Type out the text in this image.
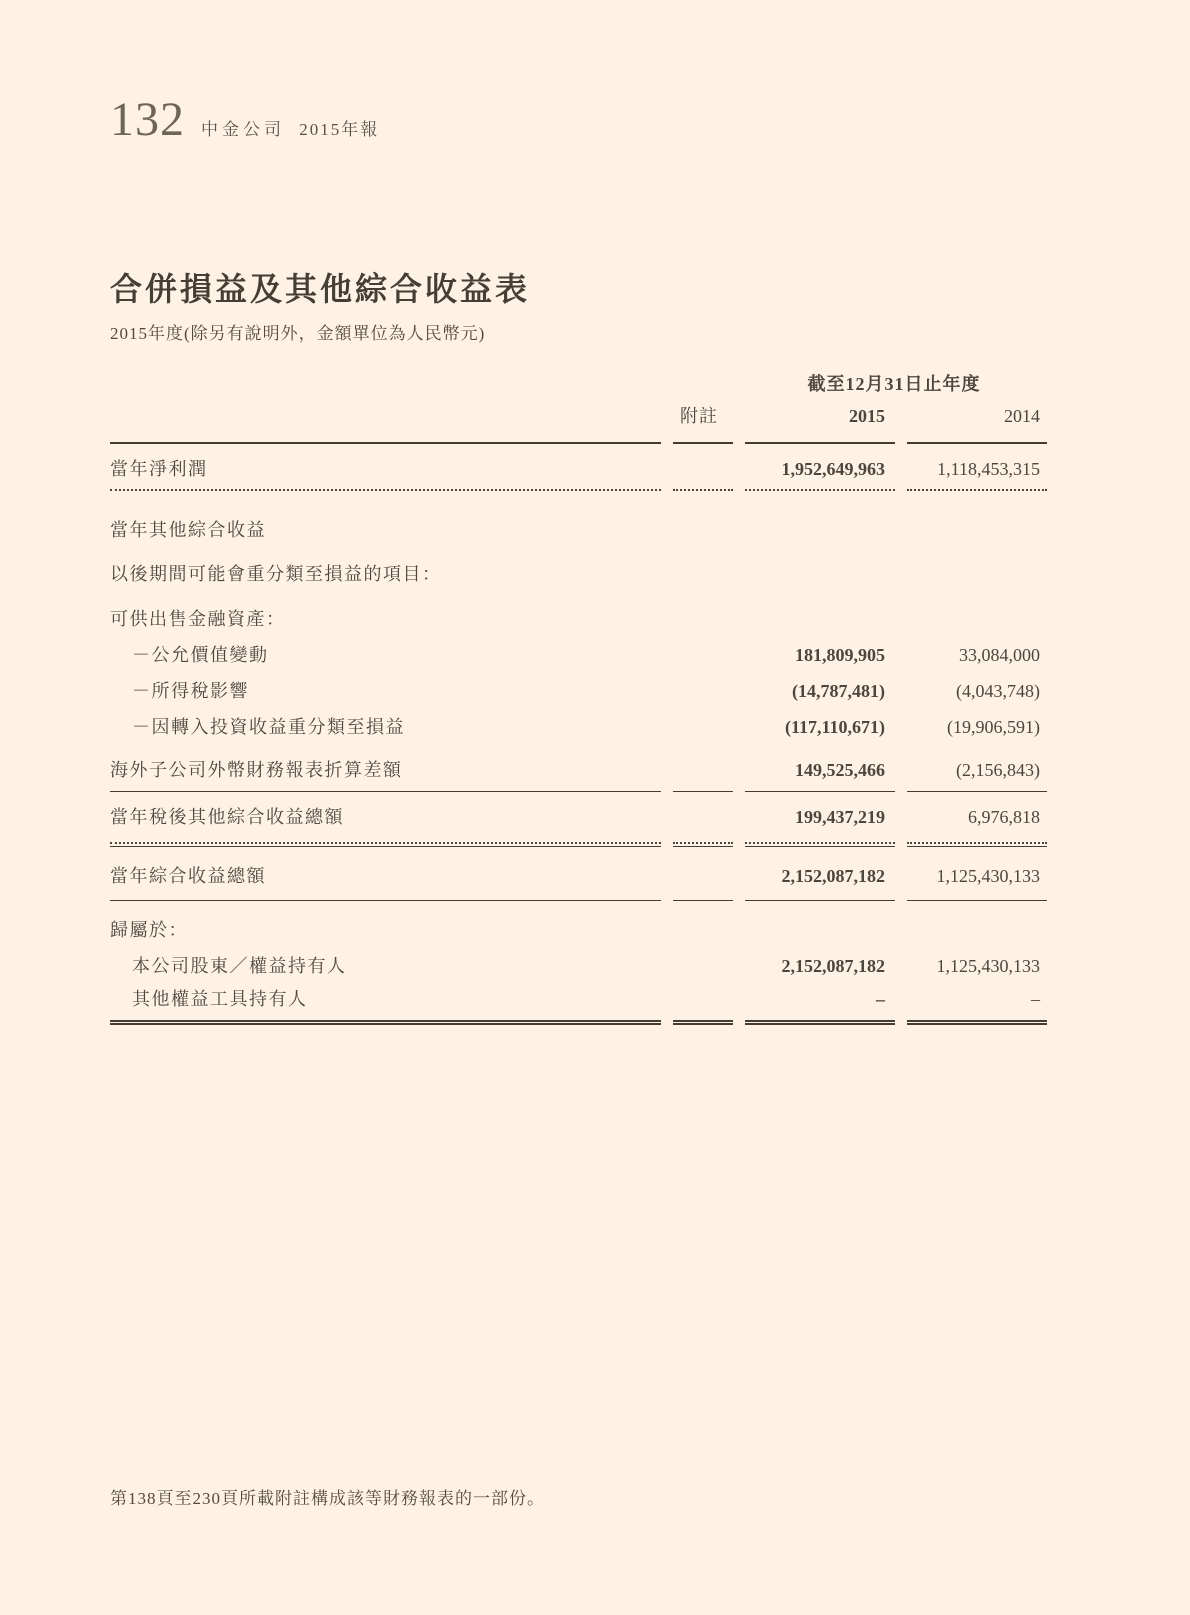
132 中金公司 2015年報
合併損益及其他綜合收益表
2015年度(除另有說明外，金額單位為人民幣元)
截至12月31日止年度
附註	2015	2014
當年淨利潤	1,952,649,963	1,118,453,315
當年其他綜合收益
以後期間可能會重分類至損益的項目：
可供出售金融資產：
－公允價值變動	181,809,905	33,084,000
－所得稅影響	(14,787,481)	(4,043,748)
－因轉入投資收益重分類至損益	(117,110,671)	(19,906,591)
海外子公司外幣財務報表折算差額	149,525,466	(2,156,843)
當年稅後其他綜合收益總額	199,437,219	6,976,818
當年綜合收益總額	2,152,087,182	1,125,430,133
歸屬於：
本公司股東／權益持有人	2,152,087,182	1,125,430,133
其他權益工具持有人	–	–
第138頁至230頁所載附註構成該等財務報表的一部份。
